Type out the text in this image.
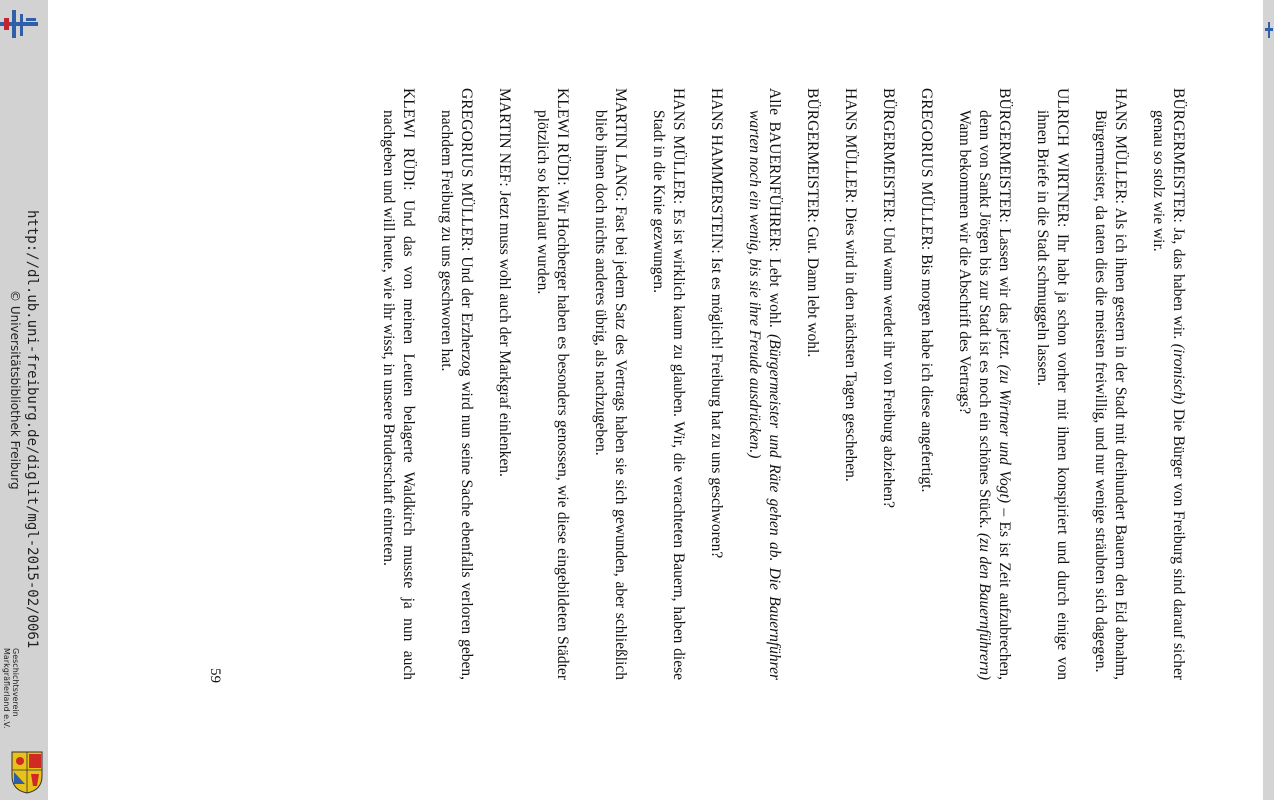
http://dl.ub.uni-freiburg.de/diglit/mgl-2015-02/0061
© Universitätsbibliothek Freiburg
Geschichtsverein
Markgräflerland e.V.

BÜRGERMEISTER: Ja, das haben wir. (ironisch) Die Bürger von Freiburg sind darauf sicher genau so stolz wie wir.

HANS MÜLLER: Als ich ihnen gestern in der Stadt mit dreihundert Bauern den Eid abnahm, Bürgermeister, da taten dies die meisten freiwillig, und nur wenige sträubten sich dagegen.

ULRICH WIRTNER: Ihr habt ja schon vorher mit ihnen konspiriert und durch einige von ihnen Briefe in die Stadt schmuggeln lassen.

BÜRGERMEISTER: Lassen wir das jetzt. (zu Wirtner und Vogt) – Es ist Zeit aufzubrechen, denn von Sankt Jörgen bis zur Stadt ist es noch ein schönes Stück. (zu den Bauernführern) Wann bekommen wir die Abschrift des Vertrags?

GREGORIUS MÜLLER: Bis morgen habe ich diese angefertigt.

BÜRGERMEISTER: Und wann werdet ihr von Freiburg abziehen?

HANS MÜLLER: Dies wird in den nächsten Tagen geschehen.

BÜRGERMEISTER: Gut. Dann lebt wohl.

Alle BAUERNFÜHRER: Lebt wohl. (Bürgermeister und Räte gehen ab. Die Bauernführer warten noch ein wenig, bis sie ihre Freude ausdrücken.)

HANS HAMMERSTEIN: Ist es möglich! Freiburg hat zu uns geschworen?

HANS MÜLLER: Es ist wirklich kaum zu glauben. Wir, die verachteten Bauern, haben diese Stadt in die Knie gezwungen.

MARTIN LANG: Fast bei jedem Satz des Vertrags haben sie sich gewunden, aber schließlich blieb ihnen doch nichts anderes übrig, als nachzugeben.

KLEWI RÜDI: Wir Hochberger haben es besonders genossen, wie diese eingebildeten Städter plötzlich so kleinlaut wurden.

MARTIN NEF: Jetzt muss wohl auch der Markgraf einlenken.

GREGORIUS MÜLLER: Und der Erzherzog wird nun seine Sache ebenfalls verloren geben, nachdem Freiburg zu uns geschworen hat.

KLEWI RÜDI: Und das von meinen Leuten belagerte Waldkirch musste ja nun auch nachgeben und will heute, wie ihr wisst, in unsere Bruderschaft eintreten.

59
